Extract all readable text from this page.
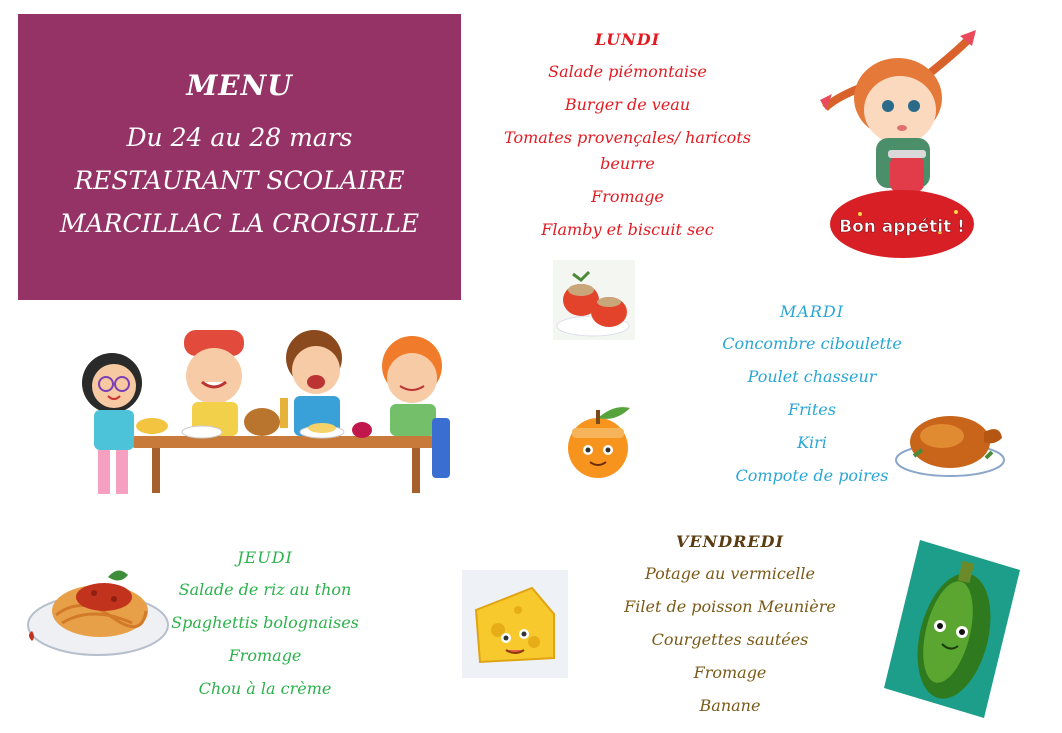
MENU
Du 24 au 28 mars
RESTAURANT SCOLAIRE
MARCILLAC LA CROISILLE
LUNDI
Salade piémontaise
Burger de veau
Tomates provençales/ haricots beurre
Fromage
Flamby et biscuit sec
MARDI
Concombre ciboulette
Poulet chasseur
Frites
Kiri
Compote de poires
JEUDI
Salade de riz au thon
Spaghettis bolognaises
Fromage
Chou à la crème
VENDREDI
Potage au vermicelle
Filet de poisson Meunière
Courgettes sautées
Fromage
Banane
Bon appétit !
